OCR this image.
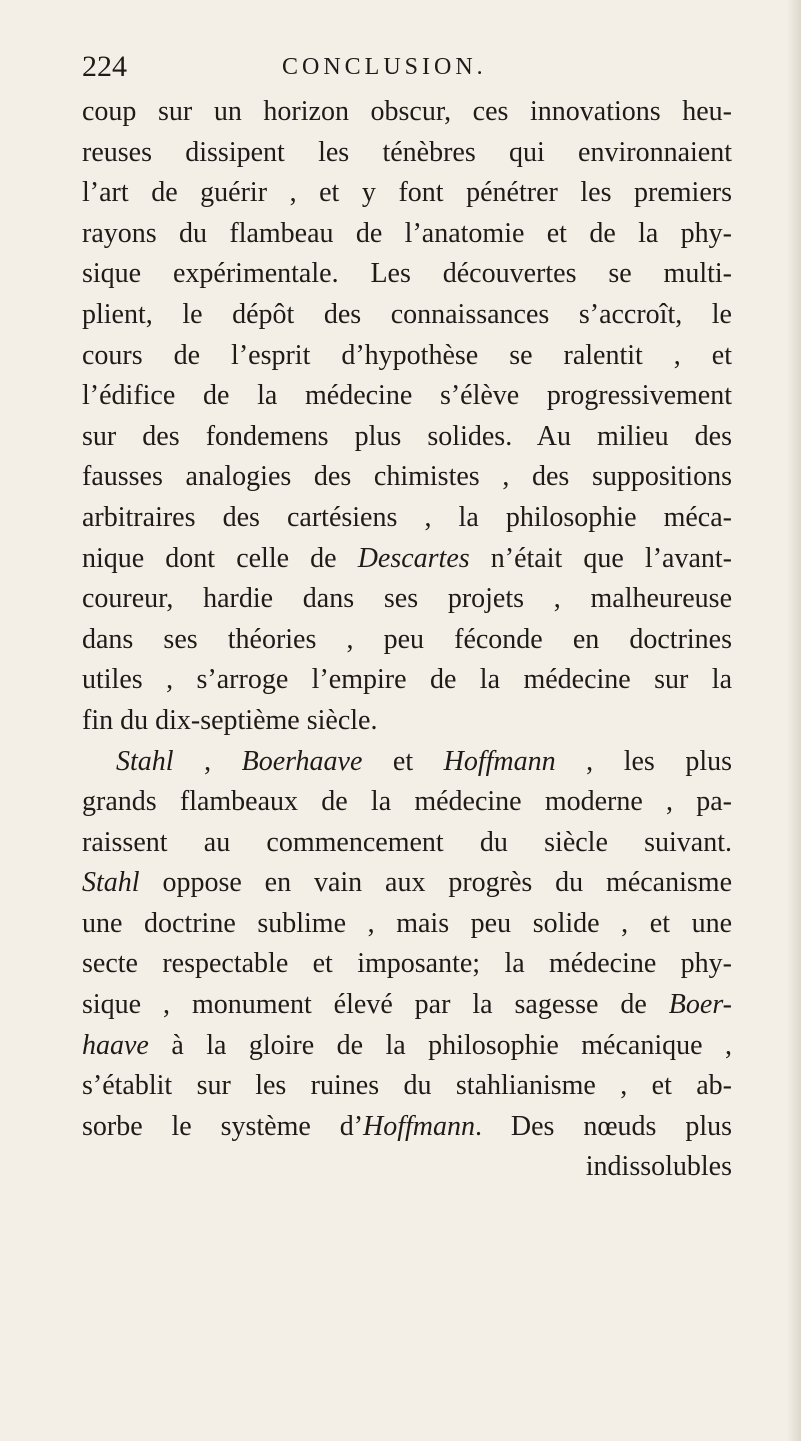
224	CONCLUSION.
coup sur un horizon obscur, ces innovations heu-
reuses dissipent les ténèbres qui environnaient
l’art de guérir , et y font pénétrer les premiers
rayons du flambeau de l’anatomie et de la phy-
sique expérimentale. Les découvertes se multi-
plient, le dépôt des connaissances s’accroît, le
cours de l’esprit d’hypothèse se ralentit , et
l’édifice de la médecine s’élève progressivement
sur des fondemens plus solides. Au milieu des
fausses analogies des chimistes , des suppositions
arbitraires des cartésiens , la philosophie méca-
nique dont celle de Descartes n’était que l’avant-
coureur, hardie dans ses projets , malheureuse
dans ses théories , peu féconde en doctrines
utiles , s’arroge l’empire de la médecine sur la
fin du dix-septième siècle.
Stahl , Boerhaave et Hoffmann , les plus
grands flambeaux de la médecine moderne , pa-
raissent au commencement du siècle suivant.
Stahl oppose en vain aux progrès du mécanisme
une doctrine sublime , mais peu solide , et une
secte respectable et imposante; la médecine phy-
sique , monument élevé par la sagesse de Boer-
haave à la gloire de la philosophie mécanique ,
s’établit sur les ruines du stahlianisme , et ab-
sorbe le système d’Hoffmann. Des nœuds plus
indissolubles
